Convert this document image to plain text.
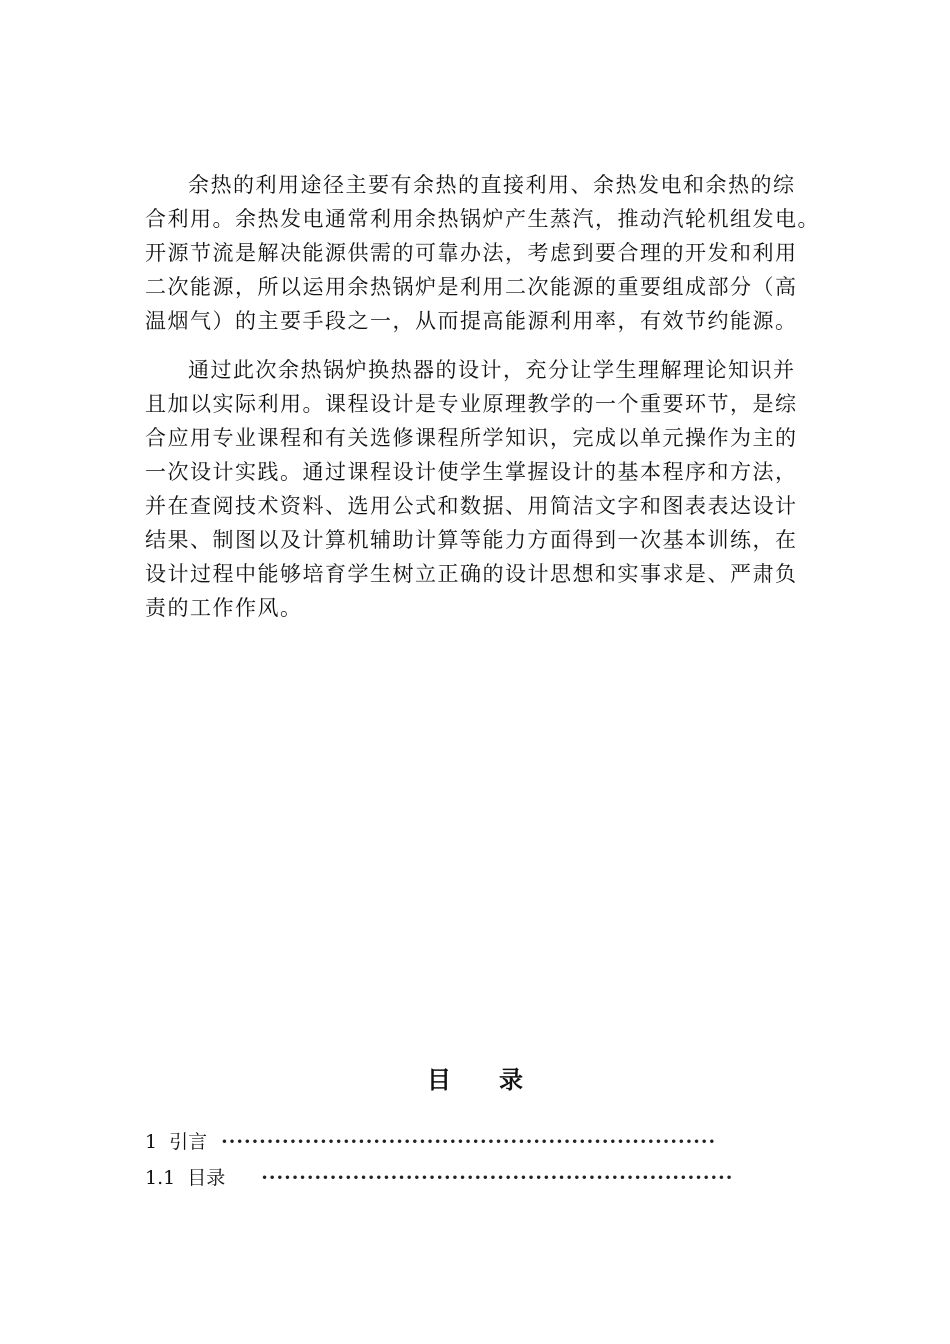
余热的利用途径主要有余热的直接利用、余热发电和余热的综
合利用。余热发电通常利用余热锅炉产生蒸汽，推动汽轮机组发电。
开源节流是解决能源供需的可靠办法，考虑到要合理的开发和利用
二次能源，所以运用余热锅炉是利用二次能源的重要组成部分（高
温烟气）的主要手段之一，从而提高能源利用率，有效节约能源。
通过此次余热锅炉换热器的设计，充分让学生理解理论知识并
且加以实际利用。课程设计是专业原理教学的一个重要环节，是综
合应用专业课程和有关选修课程所学知识，完成以单元操作为主的
一次设计实践。通过课程设计使学生掌握设计的基本程序和方法，
并在查阅技术资料、选用公式和数据、用简洁文字和图表表达设计
结果、制图以及计算机辅助计算等能力方面得到一次基本训练，在
设计过程中能够培育学生树立正确的设计思想和实事求是、严肃负
责的工作作风。
目录
1 引言 ·································································
1.1 目录 ······························································
